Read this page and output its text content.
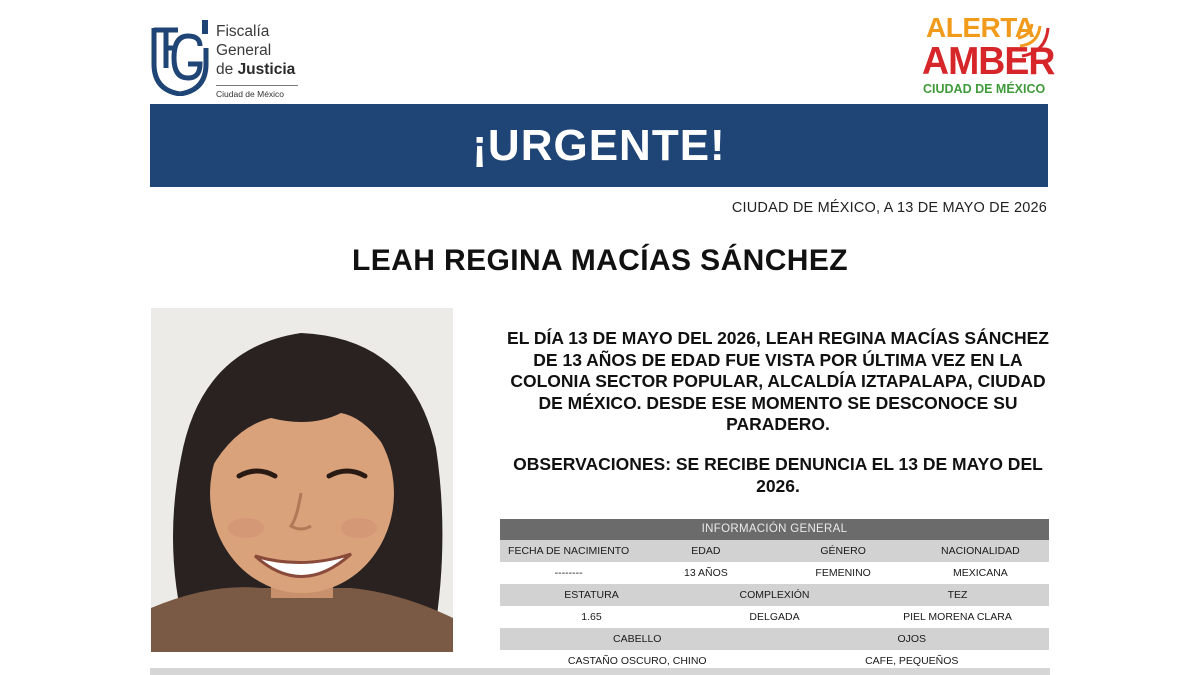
Fiscalía
General
de Justicia
Ciudad de México
ALERTA
AMBER
CIUDAD DE MÉXICO
¡URGENTE!
CIUDAD DE MÉXICO, A 13 DE MAYO DE 2026
LEAH REGINA MACÍAS SÁNCHEZ
EL DÍA 13 DE MAYO DEL 2026, LEAH REGINA MACÍAS SÁNCHEZ DE 13 AÑOS DE EDAD FUE VISTA POR ÚLTIMA VEZ EN LA COLONIA SECTOR POPULAR, ALCALDÍA IZTAPALAPA, CIUDAD DE MÉXICO. DESDE ESE MOMENTO SE DESCONOCE SU PARADERO.
OBSERVACIONES: SE RECIBE DENUNCIA EL 13 DE MAYO DEL 2026.
INFORMACIÓN GENERAL
FECHA DE NACIMIENTO	EDAD	GÉNERO	NACIONALIDAD
--------	13 AÑOS	FEMENINO	MEXICANA
ESTATURA	COMPLEXIÓN	TEZ
1.65	DELGADA	PIEL MORENA CLARA
CABELLO	OJOS
CASTAÑO OSCURO, CHINO	CAFE, PEQUEÑOS
